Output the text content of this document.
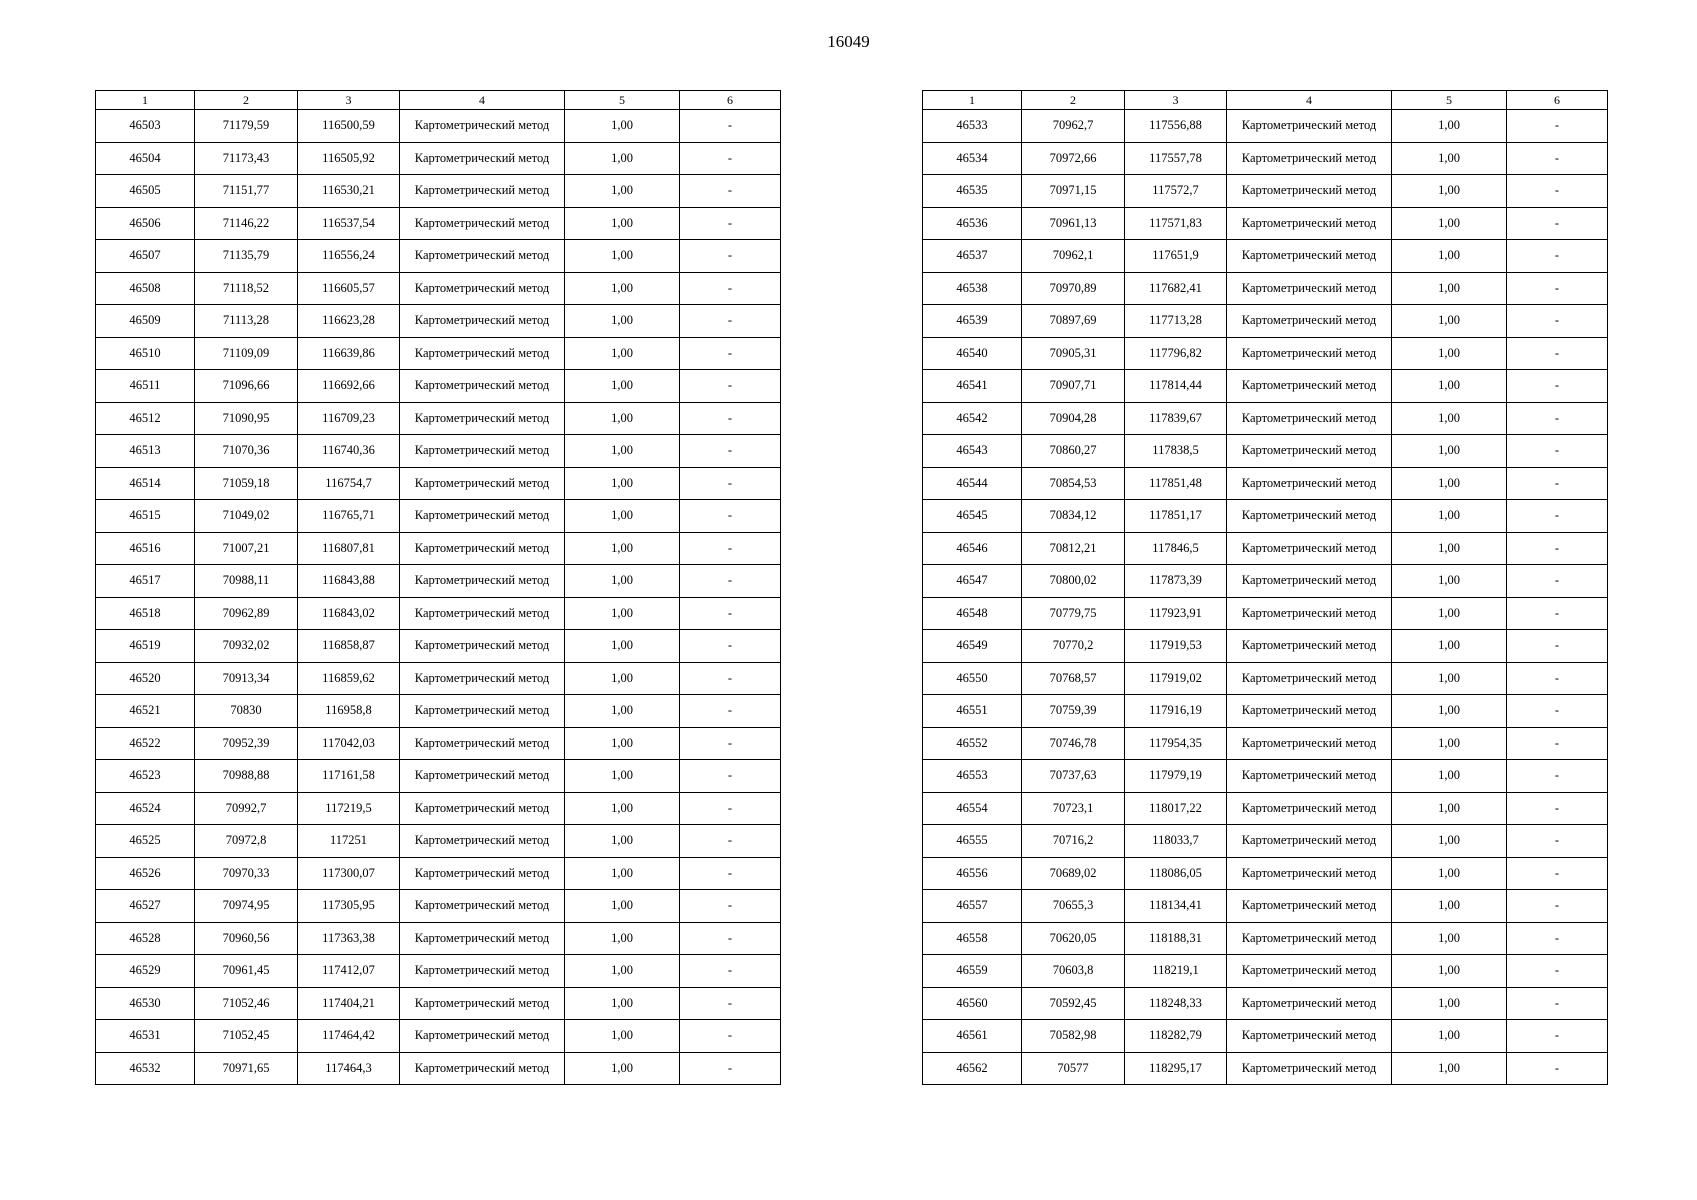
16049
1	2	3	4	5	6
46503	71179,59	116500,59	Картометрический метод	1,00	-
46504	71173,43	116505,92	Картометрический метод	1,00	-
46505	71151,77	116530,21	Картометрический метод	1,00	-
46506	71146,22	116537,54	Картометрический метод	1,00	-
46507	71135,79	116556,24	Картометрический метод	1,00	-
46508	71118,52	116605,57	Картометрический метод	1,00	-
46509	71113,28	116623,28	Картометрический метод	1,00	-
46510	71109,09	116639,86	Картометрический метод	1,00	-
46511	71096,66	116692,66	Картометрический метод	1,00	-
46512	71090,95	116709,23	Картометрический метод	1,00	-
46513	71070,36	116740,36	Картометрический метод	1,00	-
46514	71059,18	116754,7	Картометрический метод	1,00	-
46515	71049,02	116765,71	Картометрический метод	1,00	-
46516	71007,21	116807,81	Картометрический метод	1,00	-
46517	70988,11	116843,88	Картометрический метод	1,00	-
46518	70962,89	116843,02	Картометрический метод	1,00	-
46519	70932,02	116858,87	Картометрический метод	1,00	-
46520	70913,34	116859,62	Картометрический метод	1,00	-
46521	70830	116958,8	Картометрический метод	1,00	-
46522	70952,39	117042,03	Картометрический метод	1,00	-
46523	70988,88	117161,58	Картометрический метод	1,00	-
46524	70992,7	117219,5	Картометрический метод	1,00	-
46525	70972,8	117251	Картометрический метод	1,00	-
46526	70970,33	117300,07	Картометрический метод	1,00	-
46527	70974,95	117305,95	Картометрический метод	1,00	-
46528	70960,56	117363,38	Картометрический метод	1,00	-
46529	70961,45	117412,07	Картометрический метод	1,00	-
46530	71052,46	117404,21	Картометрический метод	1,00	-
46531	71052,45	117464,42	Картометрический метод	1,00	-
46532	70971,65	117464,3	Картометрический метод	1,00	-
1	2	3	4	5	6
46533	70962,7	117556,88	Картометрический метод	1,00	-
46534	70972,66	117557,78	Картометрический метод	1,00	-
46535	70971,15	117572,7	Картометрический метод	1,00	-
46536	70961,13	117571,83	Картометрический метод	1,00	-
46537	70962,1	117651,9	Картометрический метод	1,00	-
46538	70970,89	117682,41	Картометрический метод	1,00	-
46539	70897,69	117713,28	Картометрический метод	1,00	-
46540	70905,31	117796,82	Картометрический метод	1,00	-
46541	70907,71	117814,44	Картометрический метод	1,00	-
46542	70904,28	117839,67	Картометрический метод	1,00	-
46543	70860,27	117838,5	Картометрический метод	1,00	-
46544	70854,53	117851,48	Картометрический метод	1,00	-
46545	70834,12	117851,17	Картометрический метод	1,00	-
46546	70812,21	117846,5	Картометрический метод	1,00	-
46547	70800,02	117873,39	Картометрический метод	1,00	-
46548	70779,75	117923,91	Картометрический метод	1,00	-
46549	70770,2	117919,53	Картометрический метод	1,00	-
46550	70768,57	117919,02	Картометрический метод	1,00	-
46551	70759,39	117916,19	Картометрический метод	1,00	-
46552	70746,78	117954,35	Картометрический метод	1,00	-
46553	70737,63	117979,19	Картометрический метод	1,00	-
46554	70723,1	118017,22	Картометрический метод	1,00	-
46555	70716,2	118033,7	Картометрический метод	1,00	-
46556	70689,02	118086,05	Картометрический метод	1,00	-
46557	70655,3	118134,41	Картометрический метод	1,00	-
46558	70620,05	118188,31	Картометрический метод	1,00	-
46559	70603,8	118219,1	Картометрический метод	1,00	-
46560	70592,45	118248,33	Картометрический метод	1,00	-
46561	70582,98	118282,79	Картометрический метод	1,00	-
46562	70577	118295,17	Картометрический метод	1,00	-
